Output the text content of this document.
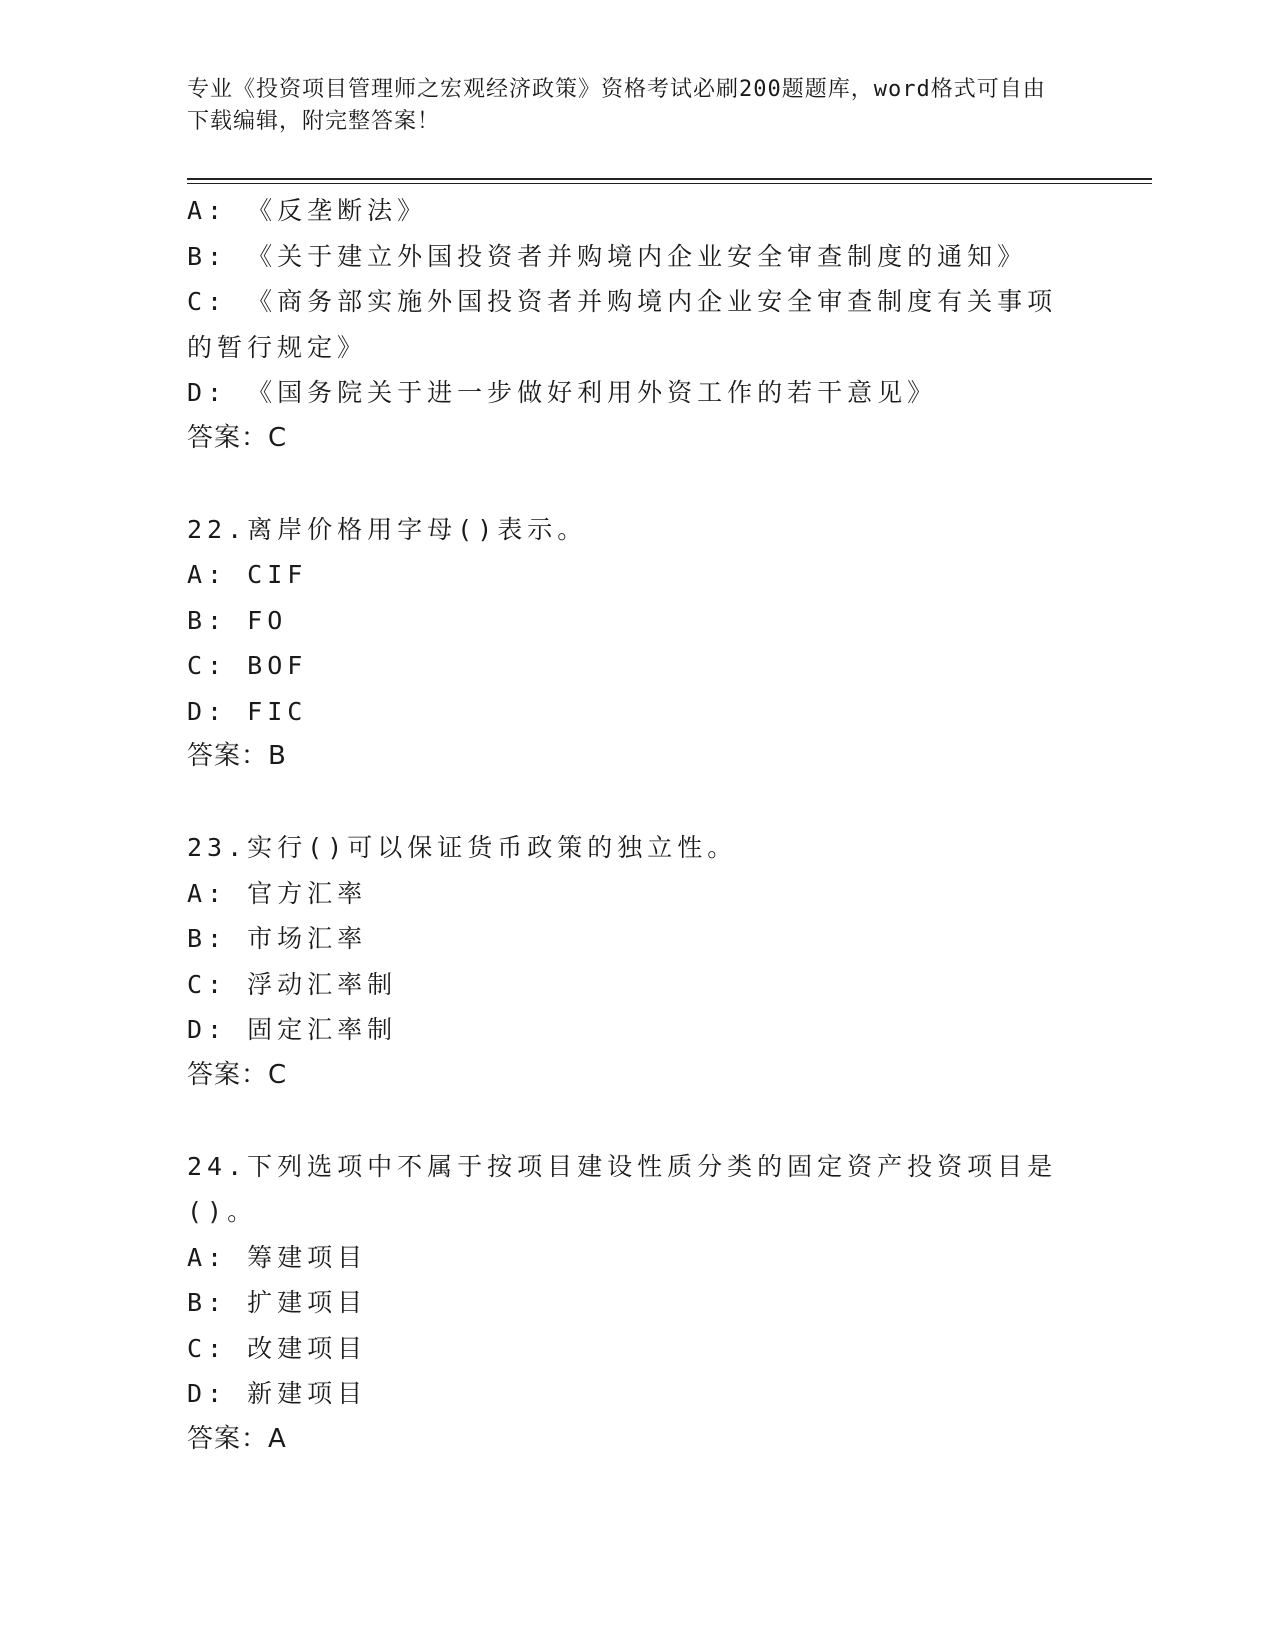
专业《投资项目管理师之宏观经济政策》资格考试必刷200题题库，word格式可自由下载编辑，附完整答案！
A: 《反垄断法》
B: 《关于建立外国投资者并购境内企业安全审查制度的通知》
C: 《商务部实施外国投资者并购境内企业安全审查制度有关事项的暂行规定》
D: 《国务院关于进一步做好利用外资工作的若干意见》
答案：C
22.离岸价格用字母()表示。
A: CIF
B: FO
C: BOF
D: FIC
答案：B
23.实行()可以保证货币政策的独立性。
A: 官方汇率
B: 市场汇率
C: 浮动汇率制
D: 固定汇率制
答案：C
24.下列选项中不属于按项目建设性质分类的固定资产投资项目是()。
A: 筹建项目
B: 扩建项目
C: 改建项目
D: 新建项目
答案：A
